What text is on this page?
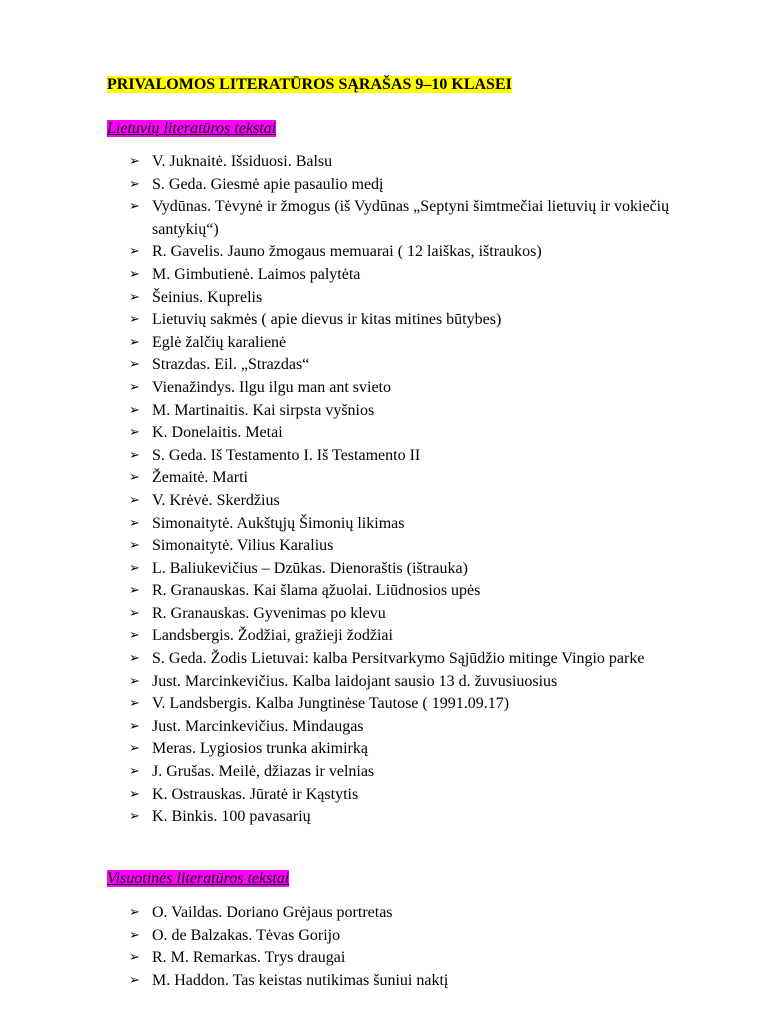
PRIVALOMOS LITERATŪROS SĄRAŠAS 9–10 KLASEI
Lietuvių literatūros tekstai
➢ V. Juknaitė. Išsiduosi. Balsu
➢ S. Geda. Giesmė apie pasaulio medį
➢ Vydūnas. Tėvynė ir žmogus (iš Vydūnas „Septyni šimtmečiai lietuvių ir vokiečių santykių“)
➢ R. Gavelis. Jauno žmogaus memuarai ( 12 laiškas, ištraukos)
➢ M. Gimbutienė. Laimos palytėta
➢ Šeinius. Kuprelis
➢ Lietuvių sakmės ( apie dievus ir kitas mitines būtybes)
➢ Eglė žalčių karalienė
➢ Strazdas. Eil. „Strazdas“
➢ Vienažindys. Ilgu ilgu man ant svieto
➢ M. Martinaitis. Kai sirpsta vyšnios
➢ K. Donelaitis. Metai
➢ S. Geda. Iš Testamento I. Iš Testamento II
➢ Žemaitė. Marti
➢ V. Krėvė. Skerdžius
➢ Simonaitytė. Aukštųjų Šimonių likimas
➢ Simonaitytė. Vilius Karalius
➢ L. Baliukevičius – Dzūkas. Dienoraštis (ištrauka)
➢ R. Granauskas. Kai šlama ąžuolai. Liūdnosios upės
➢ R. Granauskas. Gyvenimas po klevu
➢ Landsbergis. Žodžiai, gražieji žodžiai
➢ S. Geda. Žodis Lietuvai: kalba Persitvarkymo Sąjūdžio mitinge Vingio parke
➢ Just. Marcinkevičius. Kalba laidojant sausio 13 d. žuvusiuosius
➢ V. Landsbergis. Kalba Jungtinėse Tautose ( 1991.09.17)
➢ Just. Marcinkevičius. Mindaugas
➢ Meras. Lygiosios trunka akimirką
➢ J. Grušas. Meilė, džiazas ir velnias
➢ K. Ostrauskas. Jūratė ir Kąstytis
➢ K. Binkis. 100 pavasarių
Visuotinės literatūros tekstai
➢ O. Vaildas. Doriano Grėjaus portretas
➢ O. de Balzakas. Tėvas Gorijo
➢ R. M. Remarkas. Trys draugai
➢ M. Haddon. Tas keistas nutikimas šuniui naktį
